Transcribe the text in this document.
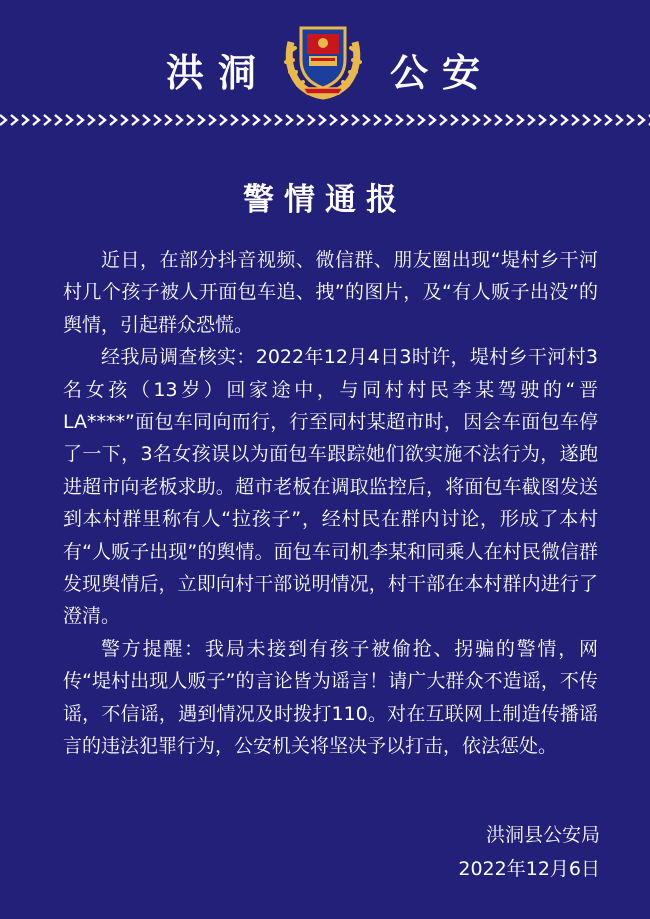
洪洞	公安
警情通报

近日，在部分抖音视频、微信群、朋友圈出现“堤村乡干河村几个孩子被人开面包车追、拽”的图片，及“有人贩子出没”的舆情，引起群众恐慌。

经我局调查核实：2022年12月4日3时许，堤村乡干河村3名女孩（13岁）回家途中，与同村村民李某驾驶的“晋LA****”面包车同向而行，行至同村某超市时，因会车面包车停了一下，3名女孩误以为面包车跟踪她们欲实施不法行为，遂跑进超市向老板求助。超市老板在调取监控后，将面包车截图发送到本村群里称有人“拉孩子”，经村民在群内讨论，形成了本村有“人贩子出现”的舆情。面包车司机李某和同乘人在村民微信群发现舆情后，立即向村干部说明情况，村干部在本村群内进行了澄清。

警方提醒：我局未接到有孩子被偷抢、拐骗的警情，网传“堤村出现人贩子”的言论皆为谣言！请广大群众不造谣，不传谣，不信谣，遇到情况及时拨打110。对在互联网上制造传播谣言的违法犯罪行为，公安机关将坚决予以打击，依法惩处。

洪洞县公安局
2022年12月6日
